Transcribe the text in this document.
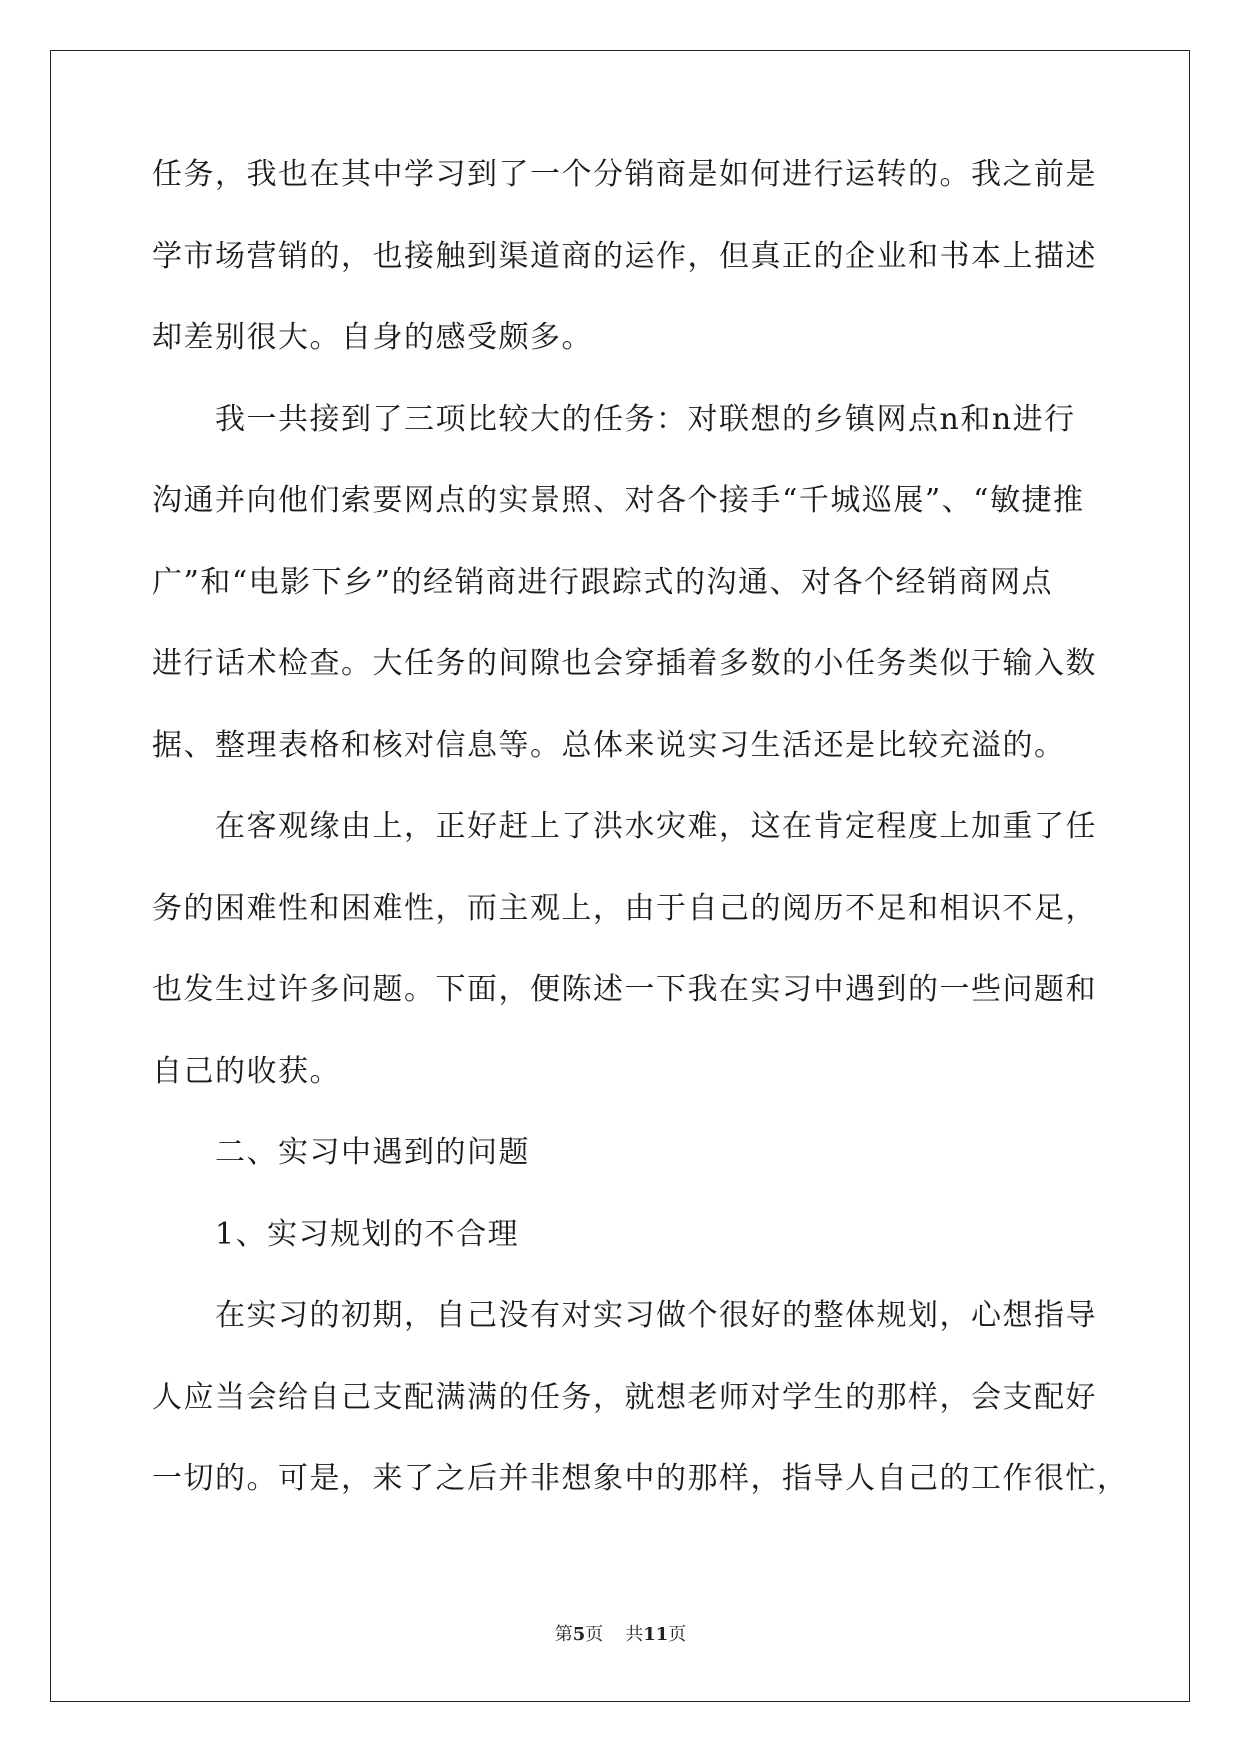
任务，我也在其中学习到了一个分销商是如何进行运转的。我之前是
学市场营销的，也接触到渠道商的运作，但真正的企业和书本上描述
却差别很大。自身的感受颇多。
　　我一共接到了三项比较大的任务：对联想的乡镇网点n和n进行
沟通并向他们索要网点的实景照、对各个接手“千城巡展”、“敏捷推
广”和“电影下乡”的经销商进行跟踪式的沟通、对各个经销商网点
进行话术检查。大任务的间隙也会穿插着多数的小任务类似于输入数
据、整理表格和核对信息等。总体来说实习生活还是比较充溢的。
　　在客观缘由上，正好赶上了洪水灾难，这在肯定程度上加重了任
务的困难性和困难性，而主观上，由于自己的阅历不足和相识不足，
也发生过许多问题。下面，便陈述一下我在实习中遇到的一些问题和
自己的收获。
　　二、实习中遇到的问题
　　1、实习规划的不合理
　　在实习的初期，自己没有对实习做个很好的整体规划，心想指导
人应当会给自己支配满满的任务，就想老师对学生的那样，会支配好
一切的。可是，来了之后并非想象中的那样，指导人自己的工作很忙，
第5页 共11页
